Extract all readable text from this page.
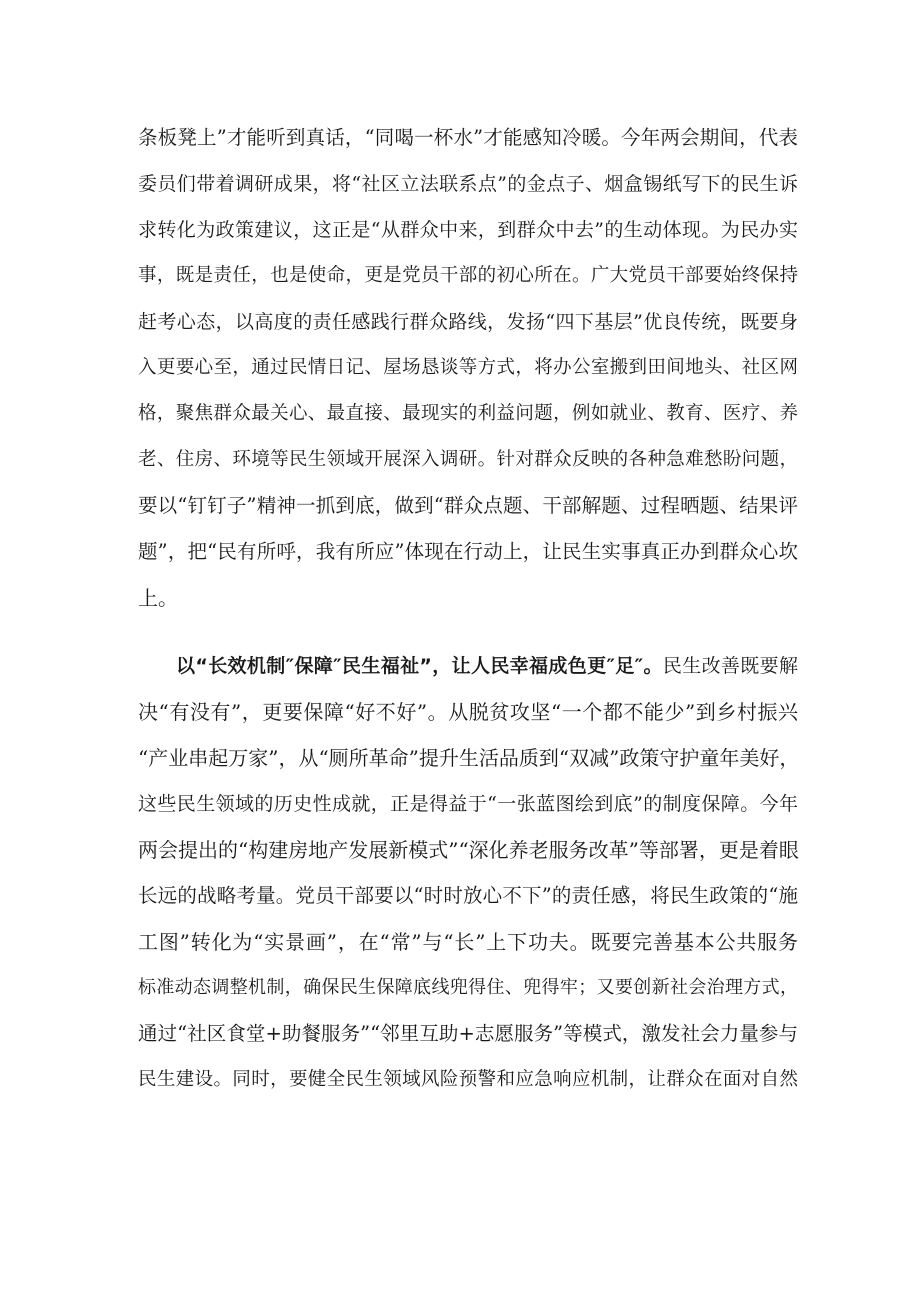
条板凳上”才能听到真话，“同喝一杯水”才能感知冷暖。今年两会期间，代表
委员们带着调研成果，将“社区立法联系点”的金点子、烟盒锡纸写下的民生诉
求转化为政策建议，这正是“从群众中来，到群众中去”的生动体现。为民办实
事，既是责任，也是使命，更是党员干部的初心所在。广大党员干部要始终保持
赶考心态，以高度的责任感践行群众路线，发扬“四下基层”优良传统，既要身
入更要心至，通过民情日记、屋场恳谈等方式，将办公室搬到田间地头、社区网
格，聚焦群众最关心、最直接、最现实的利益问题，例如就业、教育、医疗、养
老、住房、环境等民生领域开展深入调研。针对群众反映的各种急难愁盼问题，
要以“钉钉子”精神一抓到底，做到“群众点题、干部解题、过程晒题、结果评
题”，把“民有所呼，我有所应”体现在行动上，让民生实事真正办到群众心坎
上。
以“长效机制″保障″民生福祉”，让人民幸福成色更″足″。民生改善既要解
决“有没有”，更要保障“好不好”。从脱贫攻坚“一个都不能少”到乡村振兴
“产业串起万家”，从“厕所革命”提升生活品质到“双减”政策守护童年美好，
这些民生领域的历史性成就，正是得益于“一张蓝图绘到底”的制度保障。今年
两会提出的“构建房地产发展新模式”“深化养老服务改革”等部署，更是着眼
长远的战略考量。党员干部要以“时时放心不下”的责任感，将民生政策的“施
工图”转化为“实景画”，在“常”与“长”上下功夫。既要完善基本公共服务
标准动态调整机制，确保民生保障底线兜得住、兜得牢；又要创新社会治理方式，
通过“社区食堂+助餐服务”“邻里互助+志愿服务”等模式，激发社会力量参与
民生建设。同时，要健全民生领域风险预警和应急响应机制，让群众在面对自然
